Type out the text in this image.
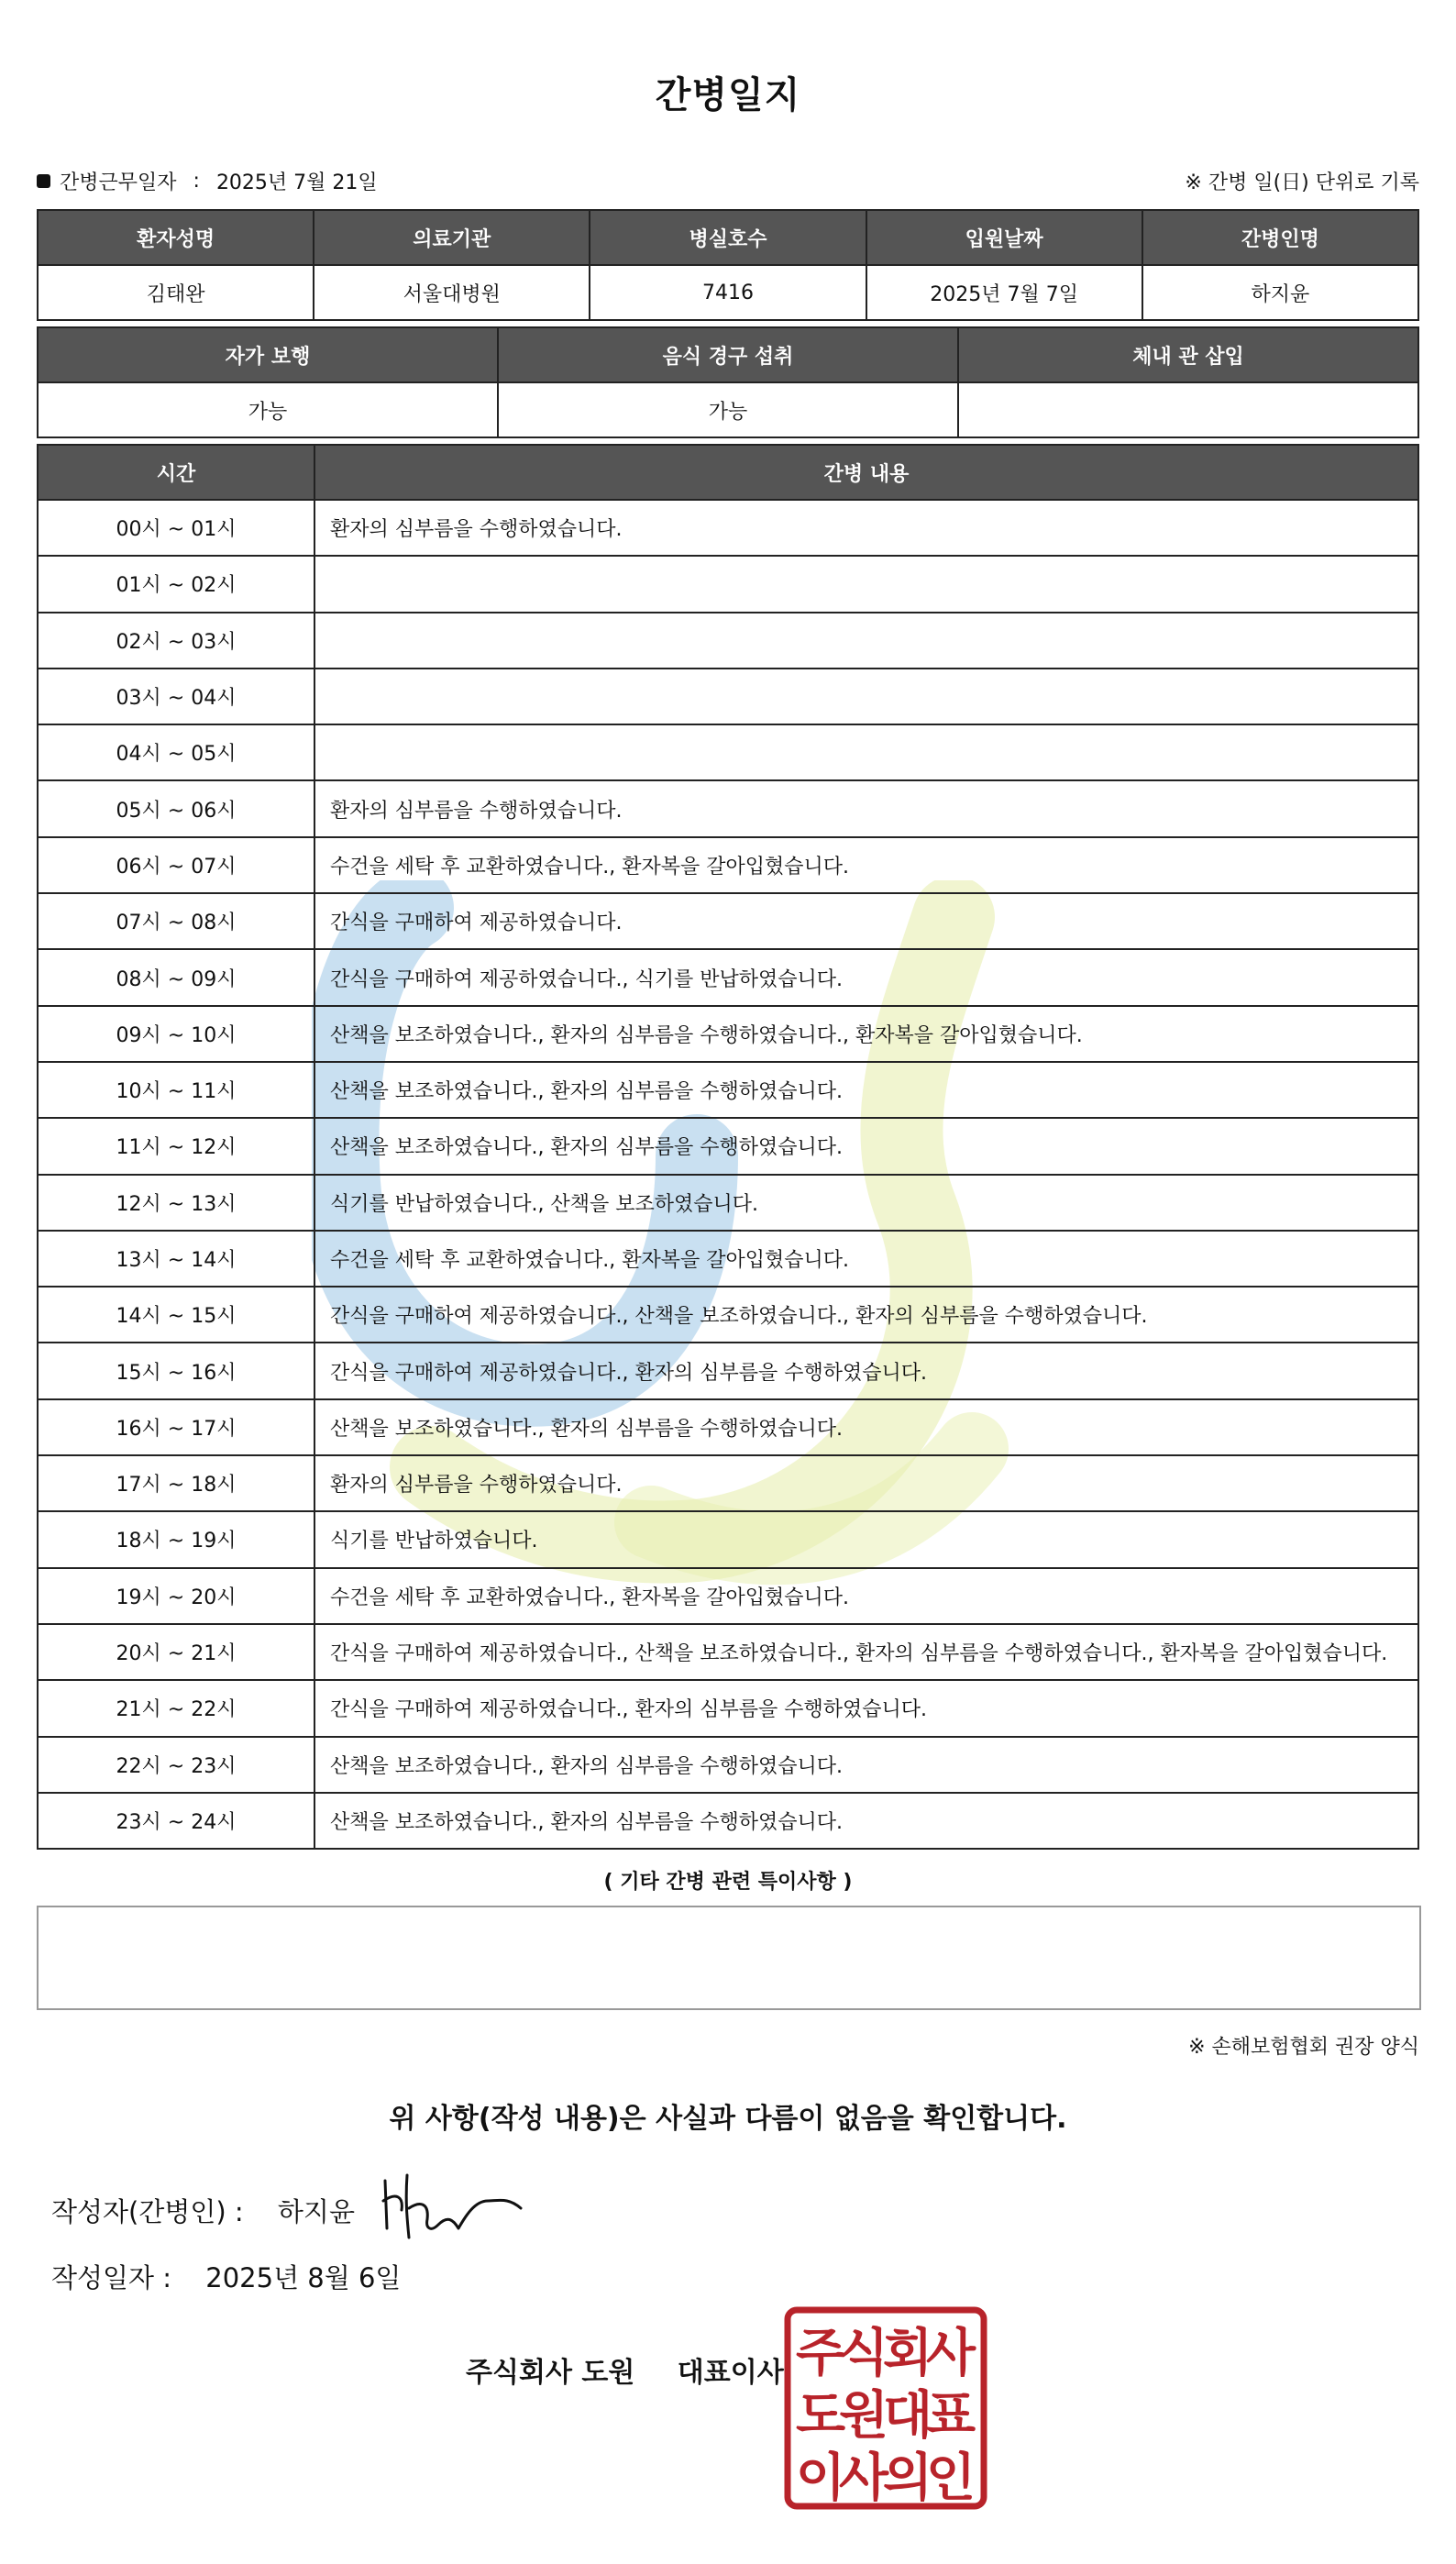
간병일지
간병근무일자 : 2025년 7월 21일	※ 간병 일(日) 단위로 기록
환자성명	의료기관	병실호수	입원날짜	간병인명
김태완	서울대병원	7416	2025년 7월 7일	하지윤
자가 보행	음식 경구 섭취	체내 관 삽입
가능	가능	
시간	간병 내용
00시 ~ 01시	환자의 심부름을 수행하였습니다.
01시 ~ 02시	
02시 ~ 03시	
03시 ~ 04시	
04시 ~ 05시	
05시 ~ 06시	환자의 심부름을 수행하였습니다.
06시 ~ 07시	수건을 세탁 후 교환하였습니다., 환자복을 갈아입혔습니다.
07시 ~ 08시	간식을 구매하여 제공하였습니다.
08시 ~ 09시	간식을 구매하여 제공하였습니다., 식기를 반납하였습니다.
09시 ~ 10시	산책을 보조하였습니다., 환자의 심부름을 수행하였습니다., 환자복을 갈아입혔습니다.
10시 ~ 11시	산책을 보조하였습니다., 환자의 심부름을 수행하였습니다.
11시 ~ 12시	산책을 보조하였습니다., 환자의 심부름을 수행하였습니다.
12시 ~ 13시	식기를 반납하였습니다., 산책을 보조하였습니다.
13시 ~ 14시	수건을 세탁 후 교환하였습니다., 환자복을 갈아입혔습니다.
14시 ~ 15시	간식을 구매하여 제공하였습니다., 산책을 보조하였습니다., 환자의 심부름을 수행하였습니다.
15시 ~ 16시	간식을 구매하여 제공하였습니다., 환자의 심부름을 수행하였습니다.
16시 ~ 17시	산책을 보조하였습니다., 환자의 심부름을 수행하였습니다.
17시 ~ 18시	환자의 심부름을 수행하였습니다.
18시 ~ 19시	식기를 반납하였습니다.
19시 ~ 20시	수건을 세탁 후 교환하였습니다., 환자복을 갈아입혔습니다.
20시 ~ 21시	간식을 구매하여 제공하였습니다., 산책을 보조하였습니다., 환자의 심부름을 수행하였습니다., 환자복을 갈아입혔습니다.
21시 ~ 22시	간식을 구매하여 제공하였습니다., 환자의 심부름을 수행하였습니다.
22시 ~ 23시	산책을 보조하였습니다., 환자의 심부름을 수행하였습니다.
23시 ~ 24시	산책을 보조하였습니다., 환자의 심부름을 수행하였습니다.
( 기타 간병 관련 특이사항 )
※ 손해보험협회 권장 양식
위 사항(작성 내용)은 사실과 다름이 없음을 확인합니다.
작성자(간병인) : 하지윤
작성일자 : 2025년 8월 6일
주식회사 도원 대표이사 주
식
회
사
도
원
대
표
이
사
의
인
